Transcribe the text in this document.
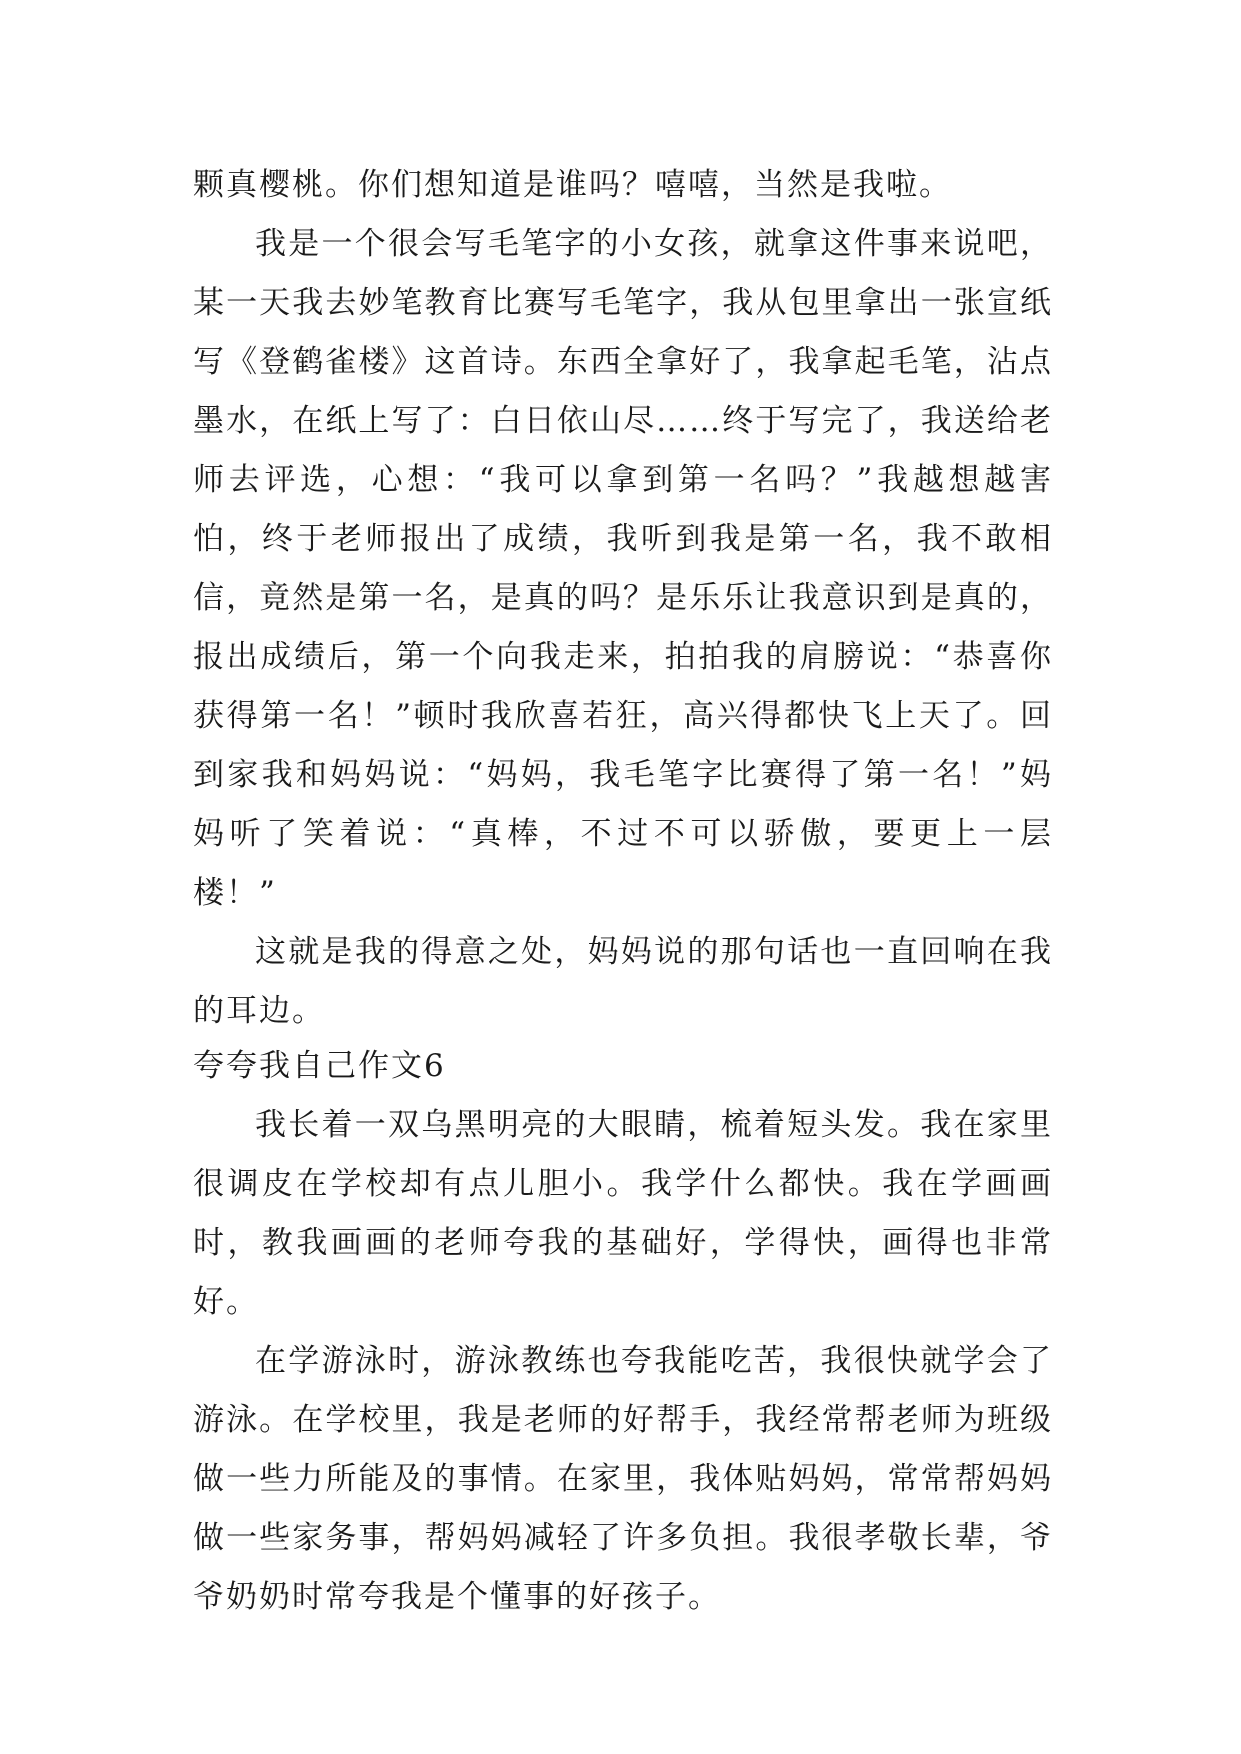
颗真樱桃。你们想知道是谁吗？嘻嘻，当然是我啦。

我是一个很会写毛笔字的小女孩，就拿这件事来说吧，某一天我去妙笔教育比赛写毛笔字，我从包里拿出一张宣纸写《登鹤雀楼》这首诗。东西全拿好了，我拿起毛笔，沾点墨水，在纸上写了：白日依山尽……终于写完了，我送给老师去评选，心想：“我可以拿到第一名吗？”我越想越害怕，终于老师报出了成绩，我听到我是第一名，我不敢相信，竟然是第一名，是真的吗？是乐乐让我意识到是真的，报出成绩后，第一个向我走来，拍拍我的肩膀说：“恭喜你获得第一名！”顿时我欣喜若狂，高兴得都快飞上天了。回到家我和妈妈说：“妈妈，我毛笔字比赛得了第一名！”妈妈听了笑着说：“真棒，不过不可以骄傲，要更上一层楼！”

这就是我的得意之处，妈妈说的那句话也一直回响在我的耳边。

夸夸我自己作文6

我长着一双乌黑明亮的大眼睛，梳着短头发。我在家里很调皮在学校却有点儿胆小。我学什么都快。我在学画画时，教我画画的老师夸我的基础好，学得快，画得也非常好。

在学游泳时，游泳教练也夸我能吃苦，我很快就学会了游泳。在学校里，我是老师的好帮手，我经常帮老师为班级做一些力所能及的事情。在家里，我体贴妈妈，常常帮妈妈做一些家务事，帮妈妈减轻了许多负担。我很孝敬长辈，爷爷奶奶时常夸我是个懂事的好孩子。
